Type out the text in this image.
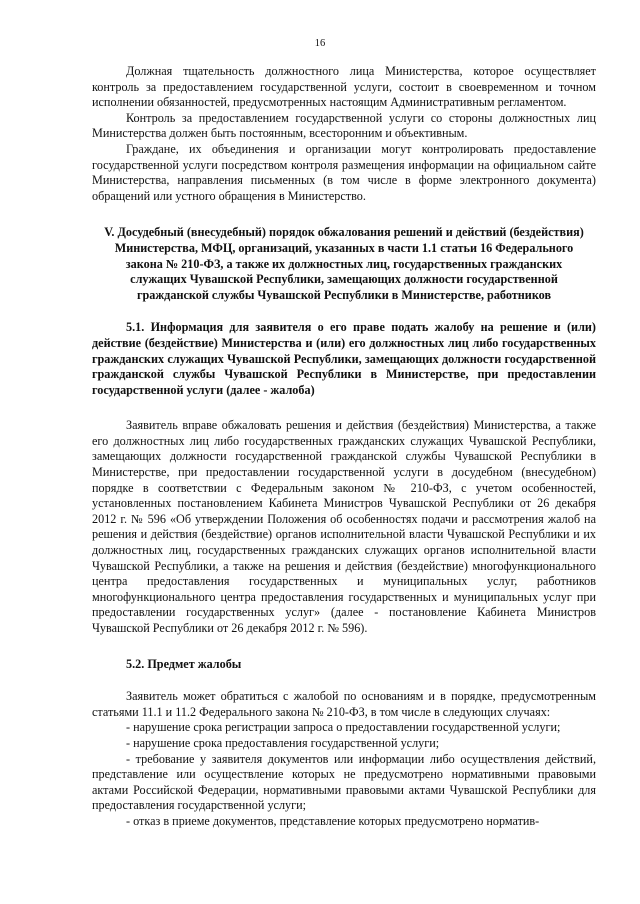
16

Должная тщательность должностного лица Министерства, которое осуществляет контроль за предоставлением государственной услуги, состоит в своевременном и точном исполнении обязанностей, предусмотренных настоящим Административным регламентом.

Контроль за предоставлением государственной услуги со стороны должностных лиц Министерства должен быть постоянным, всесторонним и объективным.

Граждане, их объединения и организации могут контролировать предоставление государственной услуги посредством контроля размещения информации на официальном сайте Министерства, направления письменных (в том числе в форме электронного документа) обращений или устного обращения в Министерство.

V. Досудебный (внесудебный) порядок обжалования решений и действий (бездействия) Министерства, МФЦ, организаций, указанных в части 1.1 статьи 16 Федерального закона № 210-ФЗ, а также их должностных лиц, государственных гражданских служащих Чувашской Республики, замещающих должности государственной гражданской службы Чувашской Республики в Министерстве, работников

5.1. Информация для заявителя о его праве подать жалобу на решение и (или) действие (бездействие) Министерства и (или) его должностных лиц либо государственных гражданских служащих Чувашской Республики, замещающих должности государственной гражданской службы Чувашской Республики в Министерстве, при предоставлении государственной услуги (далее - жалоба)

Заявитель вправе обжаловать решения и действия (бездействия) Министерства, а также его должностных лиц либо государственных гражданских служащих Чувашской Республики, замещающих должности государственной гражданской службы Чувашской Республики в Министерстве, при предоставлении государственной услуги в досудебном (внесудебном) порядке в соответствии с Федеральным законом № 210-ФЗ, с учетом особенностей, установленных постановлением Кабинета Министров Чувашской Республики от 26 декабря 2012 г. № 596 «Об утверждении Положения об особенностях подачи и рассмотрения жалоб на решения и действия (бездействие) органов исполнительной власти Чувашской Республики и их должностных лиц, государственных гражданских служащих органов исполнительной власти Чувашской Республики, а также на решения и действия (бездействие) многофункционального центра предоставления государственных и муниципальных услуг, работников многофункционального центра предоставления государственных и муниципальных услуг при предоставлении государственных услуг» (далее - постановление Кабинета Министров Чувашской Республики от 26 декабря 2012 г. № 596).

5.2. Предмет жалобы

Заявитель может обратиться с жалобой по основаниям и в порядке, предусмотренным статьями 11.1 и 11.2 Федерального закона № 210-ФЗ, в том числе в следующих случаях:

- нарушение срока регистрации запроса о предоставлении государственной услуги;

- нарушение срока предоставления государственной услуги;

- требование у заявителя документов или информации либо осуществления действий, представление или осуществление которых не предусмотрено нормативными правовыми актами Российской Федерации, нормативными правовыми актами Чувашской Республики для предоставления государственной услуги;

- отказ в приеме документов, представление которых предусмотрено норматив-
